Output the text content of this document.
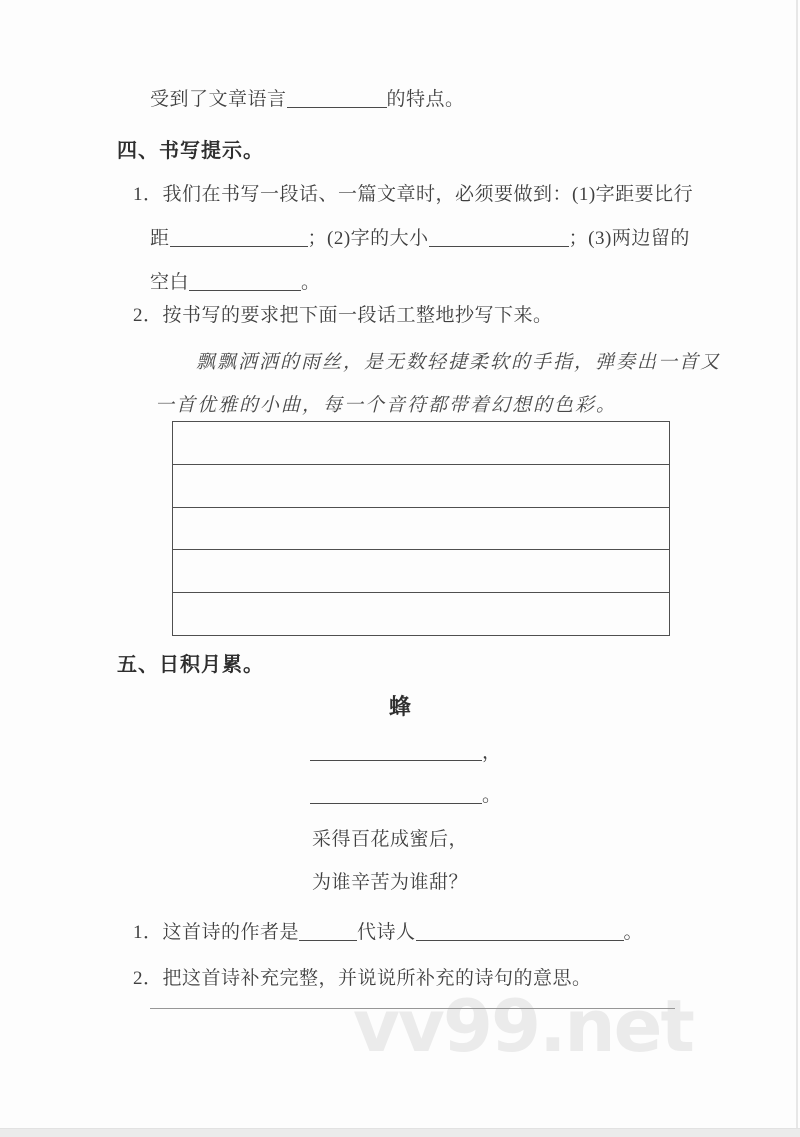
受到了文章语言	的特点。
四、书写提示。
1．我们在书写一段话、一篇文章时，必须要做到：(1)字距要比行
距	；(2)字的大小	；(3)两边留的
空白	。
2．按书写的要求把下面一段话工整地抄写下来。
飘飘洒洒的雨丝，是无数轻捷柔软的手指，弹奏出一首又
一首优雅的小曲，每一个音符都带着幻想的色彩。
五、日积月累。
蜂
，
。
采得百花成蜜后，
为谁辛苦为谁甜？
1．这首诗的作者是	代诗人	。
2．把这首诗补充完整，并说说所补充的诗句的意思。
vv99.net
